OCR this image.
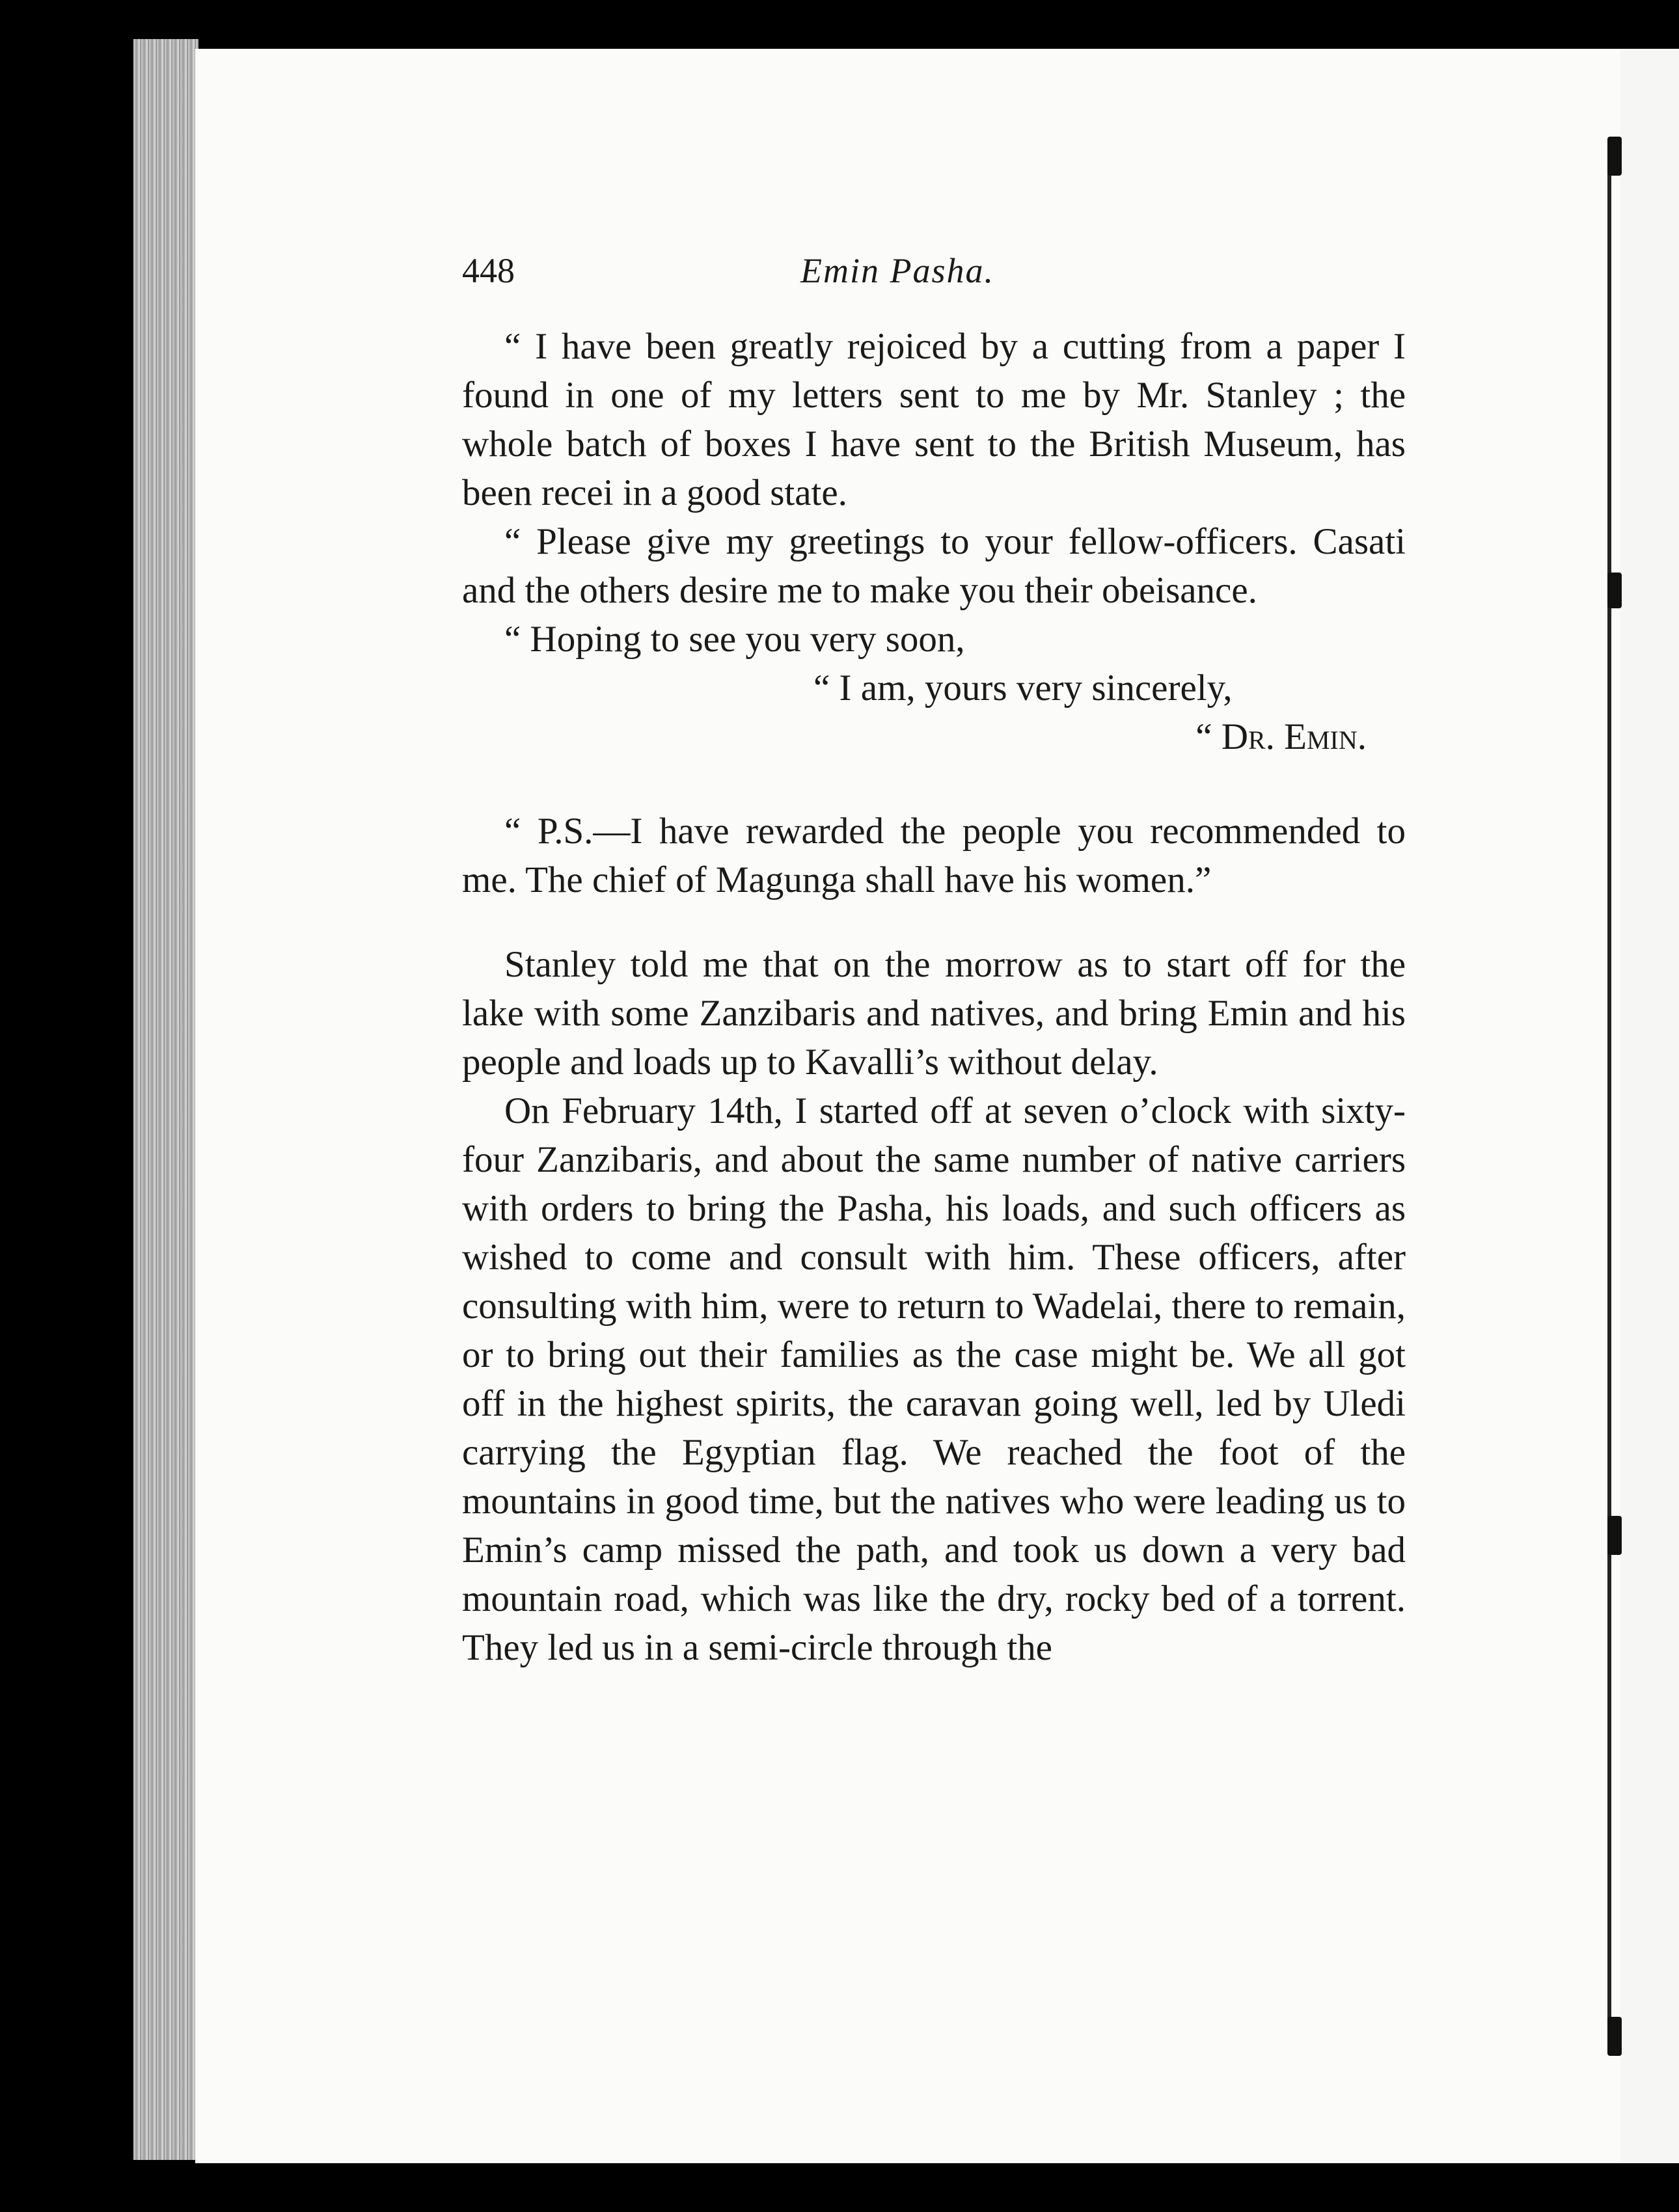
448	Emin Pasha.

“ I have been greatly rejoiced by a cutting from a paper I found in one of my letters sent to me by Mr. Stanley ; the whole batch of boxes I have sent to the British Museum, has been recei in a good state.

“ Please give my greetings to your fellow-officers. Casati and the others desire me to make you their obeisance.

“ Hoping to see you very soon,

“ I am, yours very sincerely,
“ Dr. Emin.

“ P.S.—I have rewarded the people you recommended to me. The chief of Magunga shall have his women.”

Stanley told me that on the morrow as to start off for the lake with some Zanzibaris and natives, and bring Emin and his people and loads up to Kavalli’s without delay.

On February 14th, I started off at seven o’clock with sixty-four Zanzibaris, and about the same number of native carriers with orders to bring the Pasha, his loads, and such officers as wished to come and consult with him. These officers, after consulting with him, were to return to Wadelai, there to remain, or to bring out their families as the case might be. We all got off in the highest spirits, the caravan going well, led by Uledi carrying the Egyptian flag. We reached the foot of the mountains in good time, but the natives who were leading us to Emin’s camp missed the path, and took us down a very bad mountain road, which was like the dry, rocky bed of a torrent. They led us in a semi-circle through the
